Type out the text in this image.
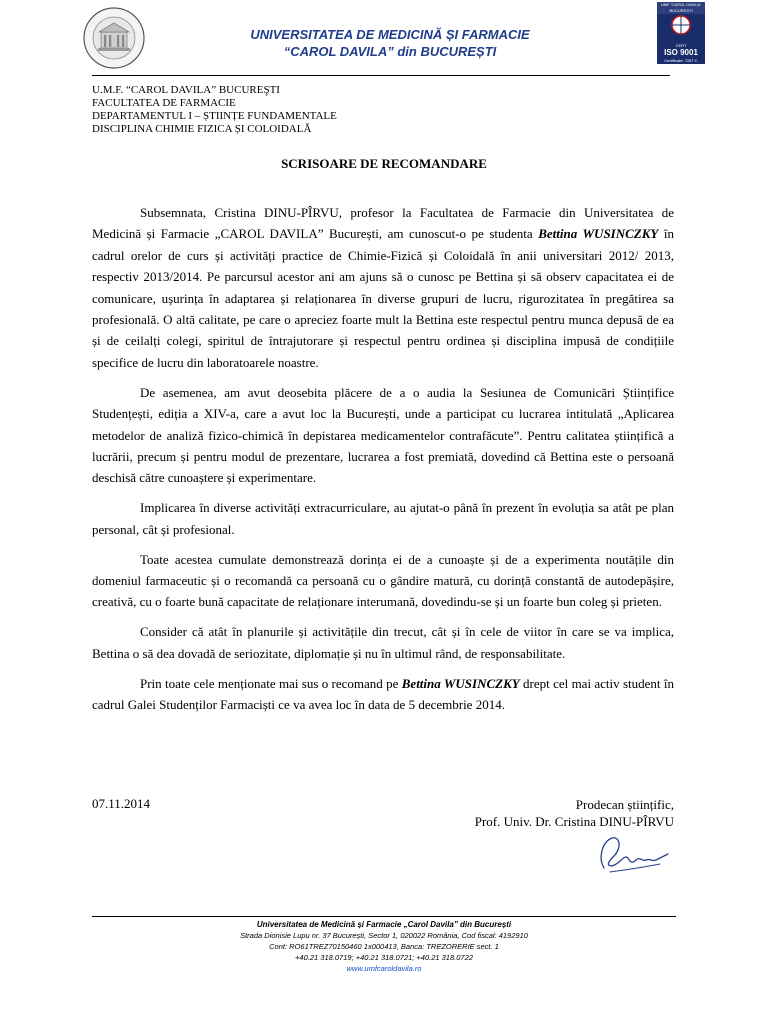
UNIVERSITATEA DE MEDICINĂ ȘI FARMACIE
“CAROL DAVILA” din BUCUREȘTI
UMF 'CAROL DAVILA' BUCUREȘTI
CERT
ISO 9001
Certificate: 7267 C
U.M.F. “CAROL DAVILA” BUCUREŞTI
FACULTATEA DE FARMACIE
DEPARTAMENTUL I – ȘTIINȚE FUNDAMENTALE
DISCIPLINA CHIMIE FIZICA ȘI COLOIDALĂ
SCRISOARE DE RECOMANDARE

Subsemnata, Cristina DINU-PÎRVU, profesor la Facultatea de Farmacie din Universitatea de Medicină și Farmacie „CAROL DAVILA” București, am cunoscut-o pe studenta Bettina WUSINCZKY în cadrul orelor de curs și activități practice de Chimie-Fizică și Coloidală în anii universitari 2012/ 2013, respectiv 2013/2014. Pe parcursul acestor ani am ajuns să o cunosc pe Bettina și să observ capacitatea ei de comunicare, ușurința în adaptarea și relaționarea în diverse grupuri de lucru, rigurozitatea în pregătirea sa profesională. O altă calitate, pe care o apreciez foarte mult la Bettina este respectul pentru munca depusă de ea și de ceilalți colegi, spiritul de întrajutorare și respectul pentru ordinea și disciplina impusă de condițiile specifice de lucru din laboratoarele noastre.

De asemenea, am avut deosebita plăcere de a o audia la Sesiunea de Comunicări Științifice Studențești, ediția a XIV-a, care a avut loc la București, unde a participat cu lucrarea intitulată „Aplicarea metodelor de analiză fizico-chimică în depistarea medicamentelor contrafăcute”. Pentru calitatea științifică a lucrării, precum și pentru modul de prezentare, lucrarea a fost premiată, dovedind că Bettina este o persoană deschisă către cunoaștere și experimentare.

Implicarea în diverse activități extracurriculare, au ajutat-o până în prezent în evoluția sa atât pe plan personal, cât și profesional.

Toate acestea cumulate demonstrează dorința ei de a cunoaște și de a experimenta noutățile din domeniul farmaceutic și o recomandă ca persoană cu o gândire matură, cu dorință constantă de autodepășire, creativă, cu o foarte bună capacitate de relaționare interumană, dovedindu-se și un foarte bun coleg și prieten.

Consider că atât în planurile și activitățile din trecut, cât și în cele de viitor în care se va implica, Bettina o să dea dovadă de seriozitate, diplomație și nu în ultimul rând, de responsabilitate.

Prin toate cele menționate mai sus o recomand pe Bettina WUSINCZKY drept cel mai activ student în cadrul Galei Studenților Farmaciști ce va avea loc în data de 5 decembrie 2014.

07.11.2014	Prodecan științific,
Prof. Univ. Dr. Cristina DINU-PÎRVU
Universitatea de Medicină și Farmacie „Carol Davila” din București
Strada Dionisie Lupu nr. 37 București, Sector 1, 020022 România, Cod fiscal: 4192910
Cont: RO61TREZ70150460 1x000413, Banca: TREZORERIE sect. 1
+40.21 318.0719; +40.21 318.0721; +40.21 318.0722
www.umfcaroldavila.ro
